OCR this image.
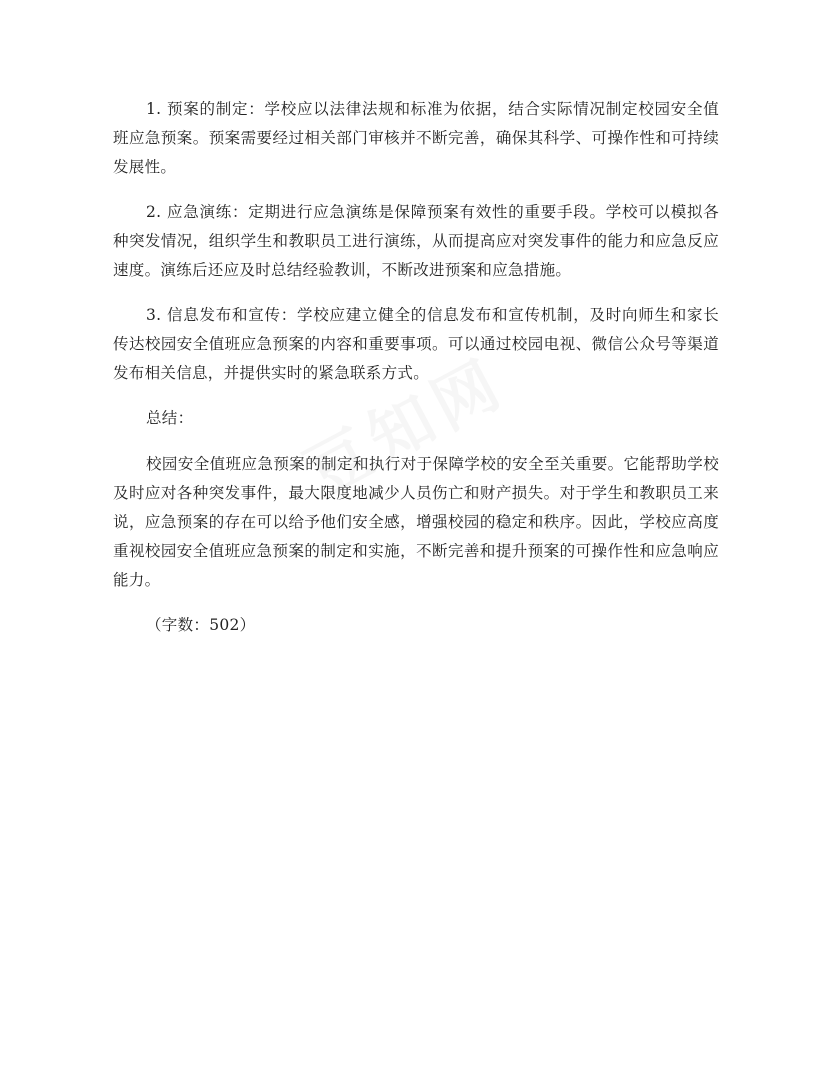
1. 预案的制定：学校应以法律法规和标准为依据，结合实际情况制定校园安全值班应急预案。预案需要经过相关部门审核并不断完善，确保其科学、可操作性和可持续发展性。

2. 应急演练：定期进行应急演练是保障预案有效性的重要手段。学校可以模拟各种突发情况，组织学生和教职员工进行演练，从而提高应对突发事件的能力和应急反应速度。演练后还应及时总结经验教训，不断改进预案和应急措施。

3. 信息发布和宣传：学校应建立健全的信息发布和宣传机制，及时向师生和家长传达校园安全值班应急预案的内容和重要事项。可以通过校园电视、微信公众号等渠道发布相关信息，并提供实时的紧急联系方式。

总结：

校园安全值班应急预案的制定和执行对于保障学校的安全至关重要。它能帮助学校及时应对各种突发事件，最大限度地减少人员伤亡和财产损失。对于学生和教职员工来说，应急预案的存在可以给予他们安全感，增强校园的稳定和秩序。因此，学校应高度重视校园安全值班应急预案的制定和实施，不断完善和提升预案的可操作性和应急响应能力。

（字数：502）
